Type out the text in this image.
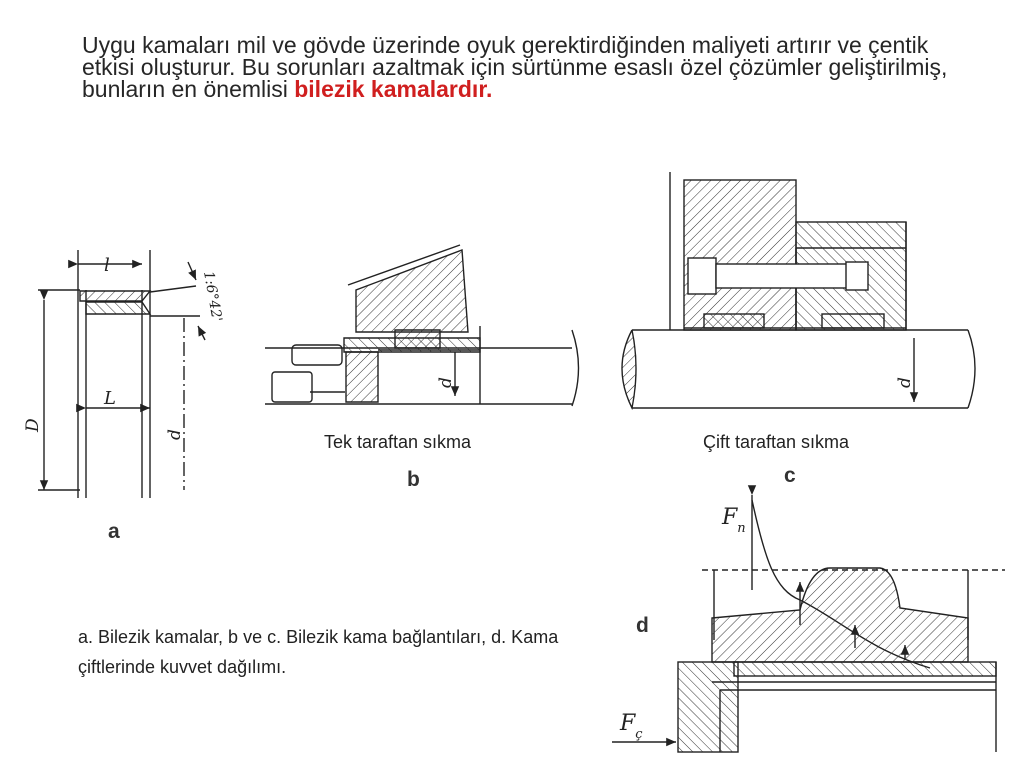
Uygu kamaları mil ve gövde üzerinde oyuk gerektirdiğinden maliyeti artırır ve çentik etkisi oluşturur. Bu sorunları azaltmak için sürtünme esaslı özel çözümler geliştirilmiş, bunların en önemlisi bilezik kamalardır.
l
L
D
d
1:6°42'
d	d
$F_n$
$F_ç$
a
Tek taraftan sıkma
b
Çift taraftan sıkma
c
d
a. Bilezik kamalar, b ve c. Bilezik kama bağlantıları, d. Kama çiftlerinde kuvvet dağılımı.
